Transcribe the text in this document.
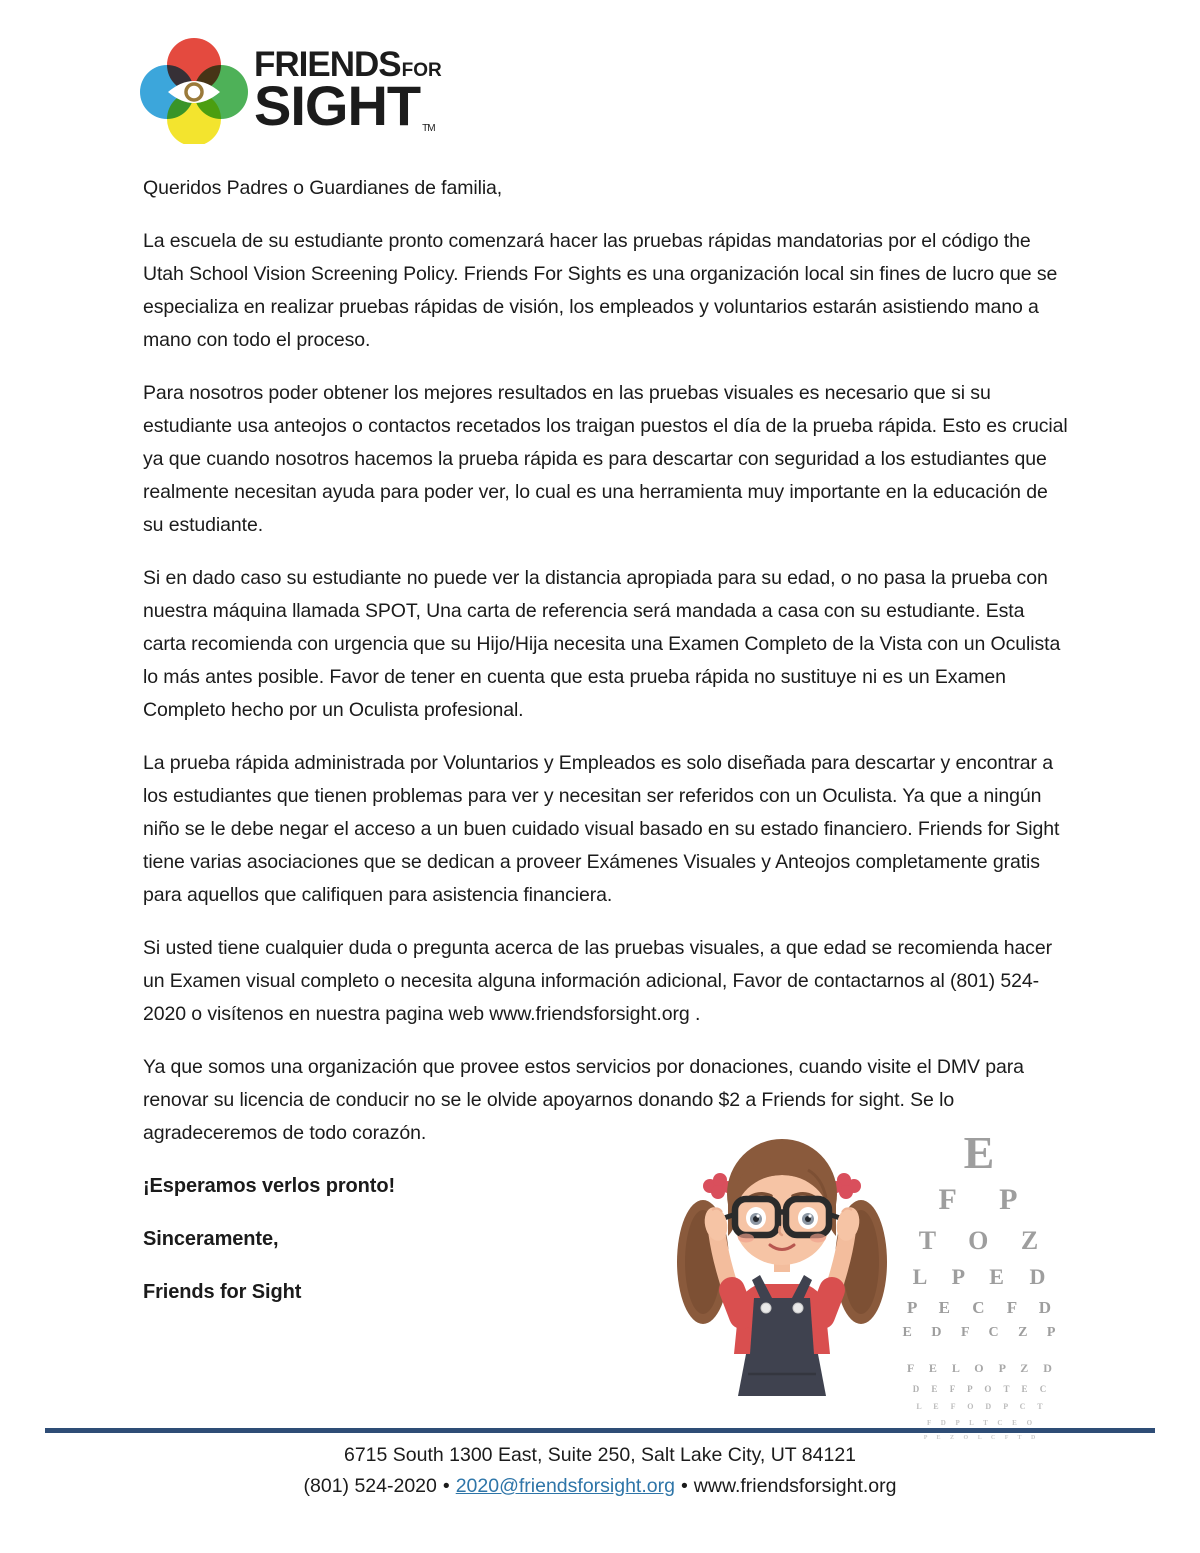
FRIENDS FOR
SIGHT TM

Queridos Padres o Guardianes de familia,

La escuela de su estudiante pronto comenzará hacer las pruebas rápidas mandatorias por el código the Utah School Vision Screening Policy. Friends For Sights es una organización local sin fines de lucro que se especializa en realizar pruebas rápidas de visión, los empleados y voluntarios estarán asistiendo mano a mano con todo el proceso.

Para nosotros poder obtener los mejores resultados en las pruebas visuales es necesario que si su estudiante usa anteojos o contactos recetados los traigan puestos el día de la prueba rápida. Esto es crucial ya que cuando nosotros hacemos la prueba rápida es para descartar con seguridad a los estudiantes que realmente necesitan ayuda para poder ver, lo cual es una herramienta muy importante en la educación de su estudiante.

Si en dado caso su estudiante no puede ver la distancia apropiada para su edad, o no pasa la prueba con nuestra máquina llamada SPOT, Una carta de referencia será mandada a casa con su estudiante. Esta carta recomienda con urgencia que su Hijo/Hija necesita una Examen Completo de la Vista con un Oculista lo más antes posible. Favor de tener en cuenta que esta prueba rápida no sustituye ni es un Examen Completo hecho por un Oculista profesional.

La prueba rápida administrada por Voluntarios y Empleados es solo diseñada para descartar y encontrar a los estudiantes que tienen problemas para ver y necesitan ser referidos con un Oculista. Ya que a ningún niño se le debe negar el acceso a un buen cuidado visual basado en su estado financiero. Friends for Sight tiene varias asociaciones que se dedican a proveer Exámenes Visuales y Anteojos completamente gratis para aquellos que califiquen para asistencia financiera.

Si usted tiene cualquier duda o pregunta acerca de las pruebas visuales, a que edad se recomienda hacer un Examen visual completo o necesita alguna información adicional, Favor de contactarnos al (801) 524-2020 o visítenos en nuestra pagina web www.friendsforsight.org .

Ya que somos una organización que provee estos servicios por donaciones, cuando visite el DMV para renovar su licencia de conducir no se le olvide apoyarnos donando $2 a Friends for sight. Se lo agradeceremos de todo corazón.

¡Esperamos verlos pronto!

Sinceramente,

Friends for Sight

E
F P
T O Z
L P E D
P E C F D
E D F C Z P
F E L O P Z D
D E F P O T E C
L E F O D P C T
F D P L T C E O
P E Z O L C F T D
6715 South 1300 East, Suite 250, Salt Lake City, UT 84121
(801) 524-2020 • 2020@friendsforsight.org • www.friendsforsight.org
